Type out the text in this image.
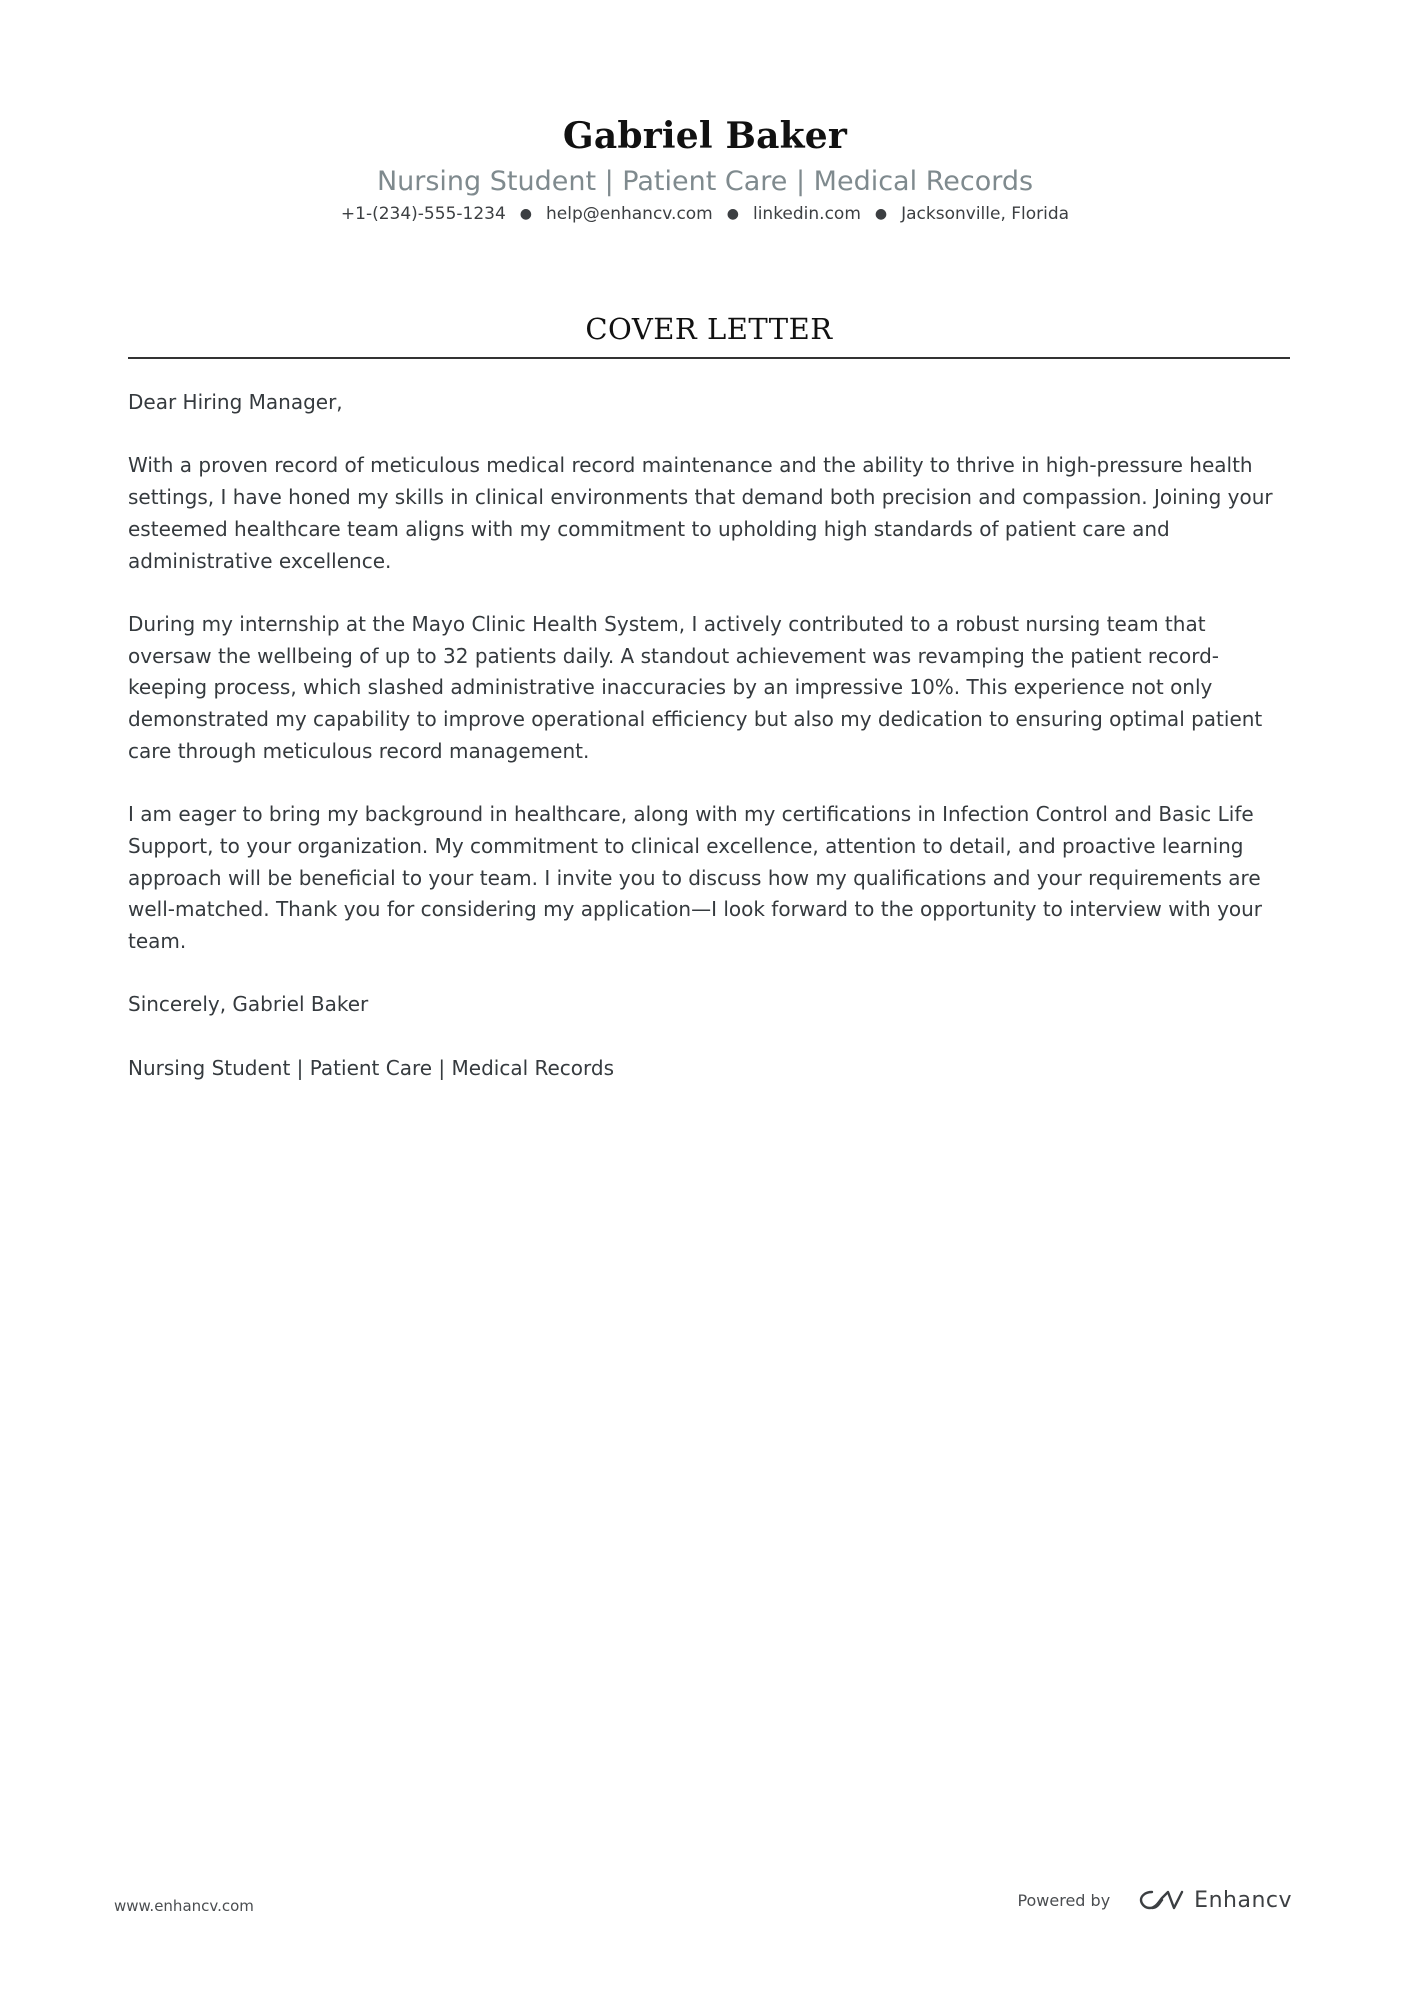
Gabriel Baker
Nursing Student | Patient Care | Medical Records
+1-(234)-555-1234 ● help@enhancv.com ● linkedin.com ● Jacksonville, Florida
COVER LETTER

Dear Hiring Manager,

With a proven record of meticulous medical record maintenance and the ability to thrive in high-pressure health settings, I have honed my skills in clinical environments that demand both precision and compassion. Joining your esteemed healthcare team aligns with my commitment to upholding high standards of patient care and administrative excellence.

During my internship at the Mayo Clinic Health System, I actively contributed to a robust nursing team that oversaw the wellbeing of up to 32 patients daily. A standout achievement was revamping the patient record-keeping process, which slashed administrative inaccuracies by an impressive 10%. This experience not only demonstrated my capability to improve operational efficiency but also my dedication to ensuring optimal patient care through meticulous record management.

I am eager to bring my background in healthcare, along with my certifications in Infection Control and Basic Life Support, to your organization. My commitment to clinical excellence, attention to detail, and proactive learning approach will be beneficial to your team. I invite you to discuss how my qualifications and your requirements are well-matched. Thank you for considering my application—I look forward to the opportunity to interview with your team.

Sincerely, Gabriel Baker

Nursing Student | Patient Care | Medical Records

www.enhancv.com	Powered by	Enhancv
